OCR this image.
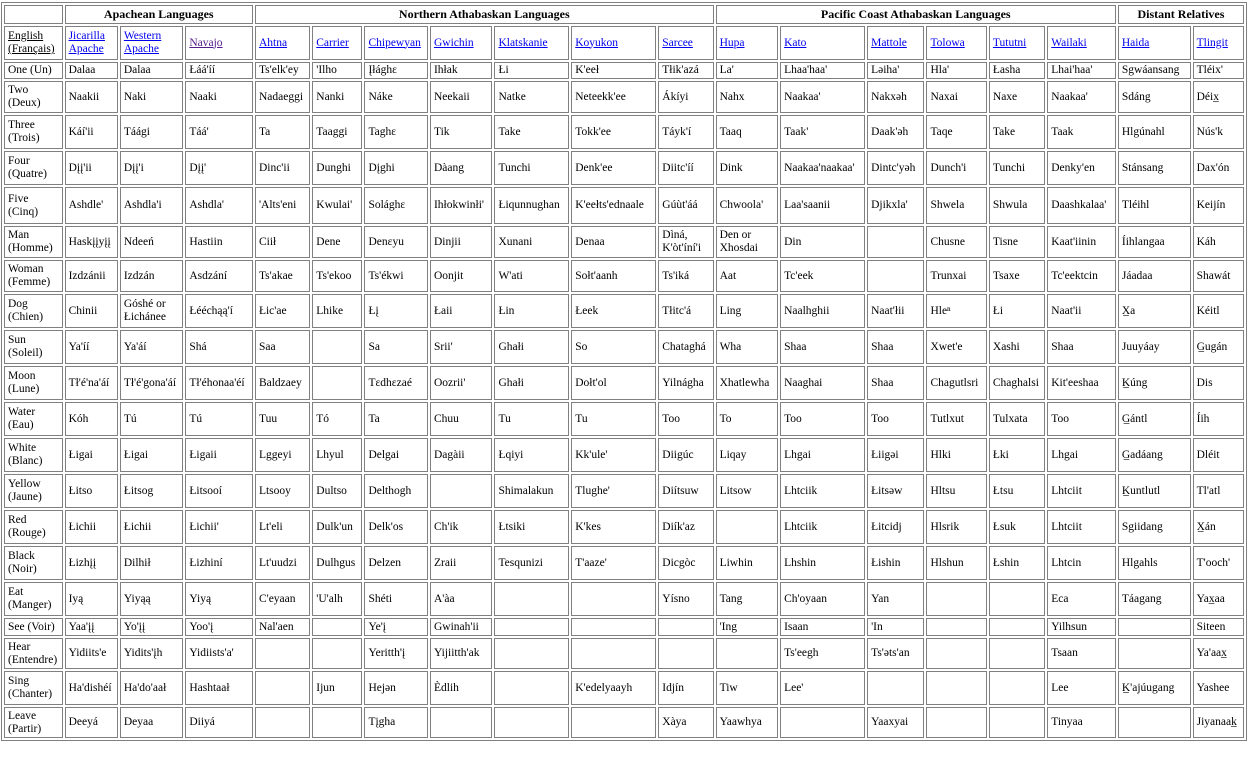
	Apachean Languages			Northern Athabaskan Languages							Pacific Coast Athabaskan Languages						Distant Relatives	
English (Français)	Jicarilla Apache	Western Apache	Navajo	Ahtna	Carrier	Chipewyan	Gwichin	Klatskanie	Koyukon	Sarcee	Hupa	Kato	Mattole	Tolowa	Tututni	Wailaki	Haida	Tlingit
One (Un)	Dalaa	Dalaa	Łáá'íí	Ts'elk'ey	'Ilho	Įłághɛ	Ihłak	Łi	K'eeł	Tłik'azá	La'	Lhaa'haa'	Ləiha'	Hla'	Łasha	Lhai'haa'	Sgwáansang	Tléix'
Two (Deux)	Naakii	Naki	Naaki	Nadaeggi	Nanki	Náke	Neekaii	Natke	Neteekk'ee	Ákíyi	Nahx	Naakaa'	Nakxəh	Naxai	Naxe	Naakaa'	Sdáng	Déix̲
Three (Trois)	Káí'ii	Táági	Táá'	Ta	Taaggi	Taghɛ	Tik	Take	Tokk'ee	Táyk'í	Taaq	Taak'	Daak'əh	Taqe	Take	Taak	Hlgúnahl	Nús'k
Four (Quatre)	Dįį'ii	Dįį'i	Dįį'	Dinc'ii	Dunghi	Dįghi	Dàang	Tunchi	Denk'ee	Diitc'íí	Dink	Naakaa'naakaa'	Dintc'yəh	Dunch'i	Tunchi	Denky'en	Stánsang	Dax'ón
Five (Cinq)	Ashdle'	Ashdla'i	Ashdla'	'Alts'eni	Kwulai'	Solághɛ	Ihłokwinłi'	Łiqunnughan	K'eełts'ednaale	Gúùt'áá	Chwoola'	Laa'saanii	Djikxla'	Shwela	Shwula	Daashkalaa'	Tléihl	Keijín
Man (Homme)	Haskįįyįį	Ndeeń	Hastiin	Ciił	Dene	Denɛyu	Dinjii	Xunani	Denaa	Dìná, K'òt'íní'i	Den or Xhosdai	Din		Chusne	Tisne	Kaat'iinin	Íihlangaa	Káh
Woman (Femme)	Izdzánii	Izdzán	Asdzání	Ts'akae	Ts'ekoo	Ts'ékwi	Oonjit	W'ati	Sołt'aanh	Ts'iká	Aat	Tc'eek		Trunxai	Tsaxe	Tc'eektcin	Jáadaa	Shawát
Dog (Chien)	Chinii	Góshé or Łichánee	Łééchąą'í	Łic'ae	Lhike	Łį	Łaii	Łin	Łeek	Tłitc'á	Ling	Naalhghii	Naat'łii	Hleⁿ	Łi	Naat'ii	X̲a	Kéitl
Sun (Soleil)	Ya'íí	Ya'áí	Shá	Saa		Sa	Srii'	Ghałi	So	Chataghá	Wha	Shaa	Shaa	Xwet'e	Xashi	Shaa	Juuyáay	G̲ugán
Moon (Lune)	Tł'é'na'áí	Tł'é'gona'áí	Tł'éhonaa'éí	Baldzaey		Tɛdhɛzaé	Oozrii'	Ghałi	Dołt'ol	Yilnágha	Xhatlewha	Naaghai	Shaa	Chagutlsri	Chaghalsi	Kit'eeshaa	K̲úng	Dis
Water (Eau)	Kóh	Tú	Tú	Tuu	Tó	Ta	Chuu	Tu	Tu	Too	To	Too	Too	Tutlxut	Tulxata	Too	G̲ántl	Íih
White (Blanc)	Łigai	Łigai	Łigaii	Lggeyi	Lhyul	Delgai	Dagàii	Łqiyi	Kk'ule'	Diigúc	Liqay	Lhgai	Łiigəi	Hlki	Łki	Lhgai	G̲adáang	Dléit
Yellow (Jaune)	Łitso	Łitsog	Łitsooí	Ltsooy	Dultso	Delthogh		Shimalakun	Tlughe'	Diítsuw	Litsow	Lhtciik	Łitsəw	Hltsu	Łtsu	Lhtciit	K̲untlutl	Tl'atl
Red (Rouge)	Łichii	Łichii	Łichii'	Lt'eli	Dulk'un	Delk'os	Ch'ik	Łtsiki	K'kes	Diík'az		Lhtciik	Łitcidj	Hlsrik	Łsuk	Lhtciit	Sgiidang	X̲án
Black (Noir)	Łizhįį	Dilhił	Łizhiní	Lt'uudzi	Dulhgus	Delzen	Zraii	Tesqunizi	T'aaze'	Dicgòc	Liwhin	Lhshin	Łishin	Hlshun	Łshin	Lhtcin	Hlgahls	T'ooch'
Eat (Manger)	Iyą	Yiyąą	Yiyą	C'eyaan	'U'alh	Shéti	A'àa			Yísno	Tang	Ch'oyaan	Yan			Eca	Táagang	Yax̲aa
See (Voir)	Yaa'įį	Yo'įį	Yoo'į	Nal'aen		Ye'į	Gwinah'ii				'Ing	Isaan	'In			Yilhsun		Siteen
Hear (Entendre)	Yidiits'e	Yidits'įh	Yidiists'a'			Yeritth'į	Yijiitth'ak					Ts'eegh	Ts'əts'an			Tsaan		Ya'aax̲
Sing (Chanter)	Ha'dishéí	Ha'do'aał	Hashtaał		Ijun	Hejən	Èdlih		K'edelyaayh	Idjín	Tiw	Lee'				Lee	K̲'ajúugang	Yashee
Leave (Partir)	Deeyá	Deyaa	Diiyá			Tįgha				Xàya	Yaawhya		Yaaxyai			Tinyaa		Jiyanaak̲
